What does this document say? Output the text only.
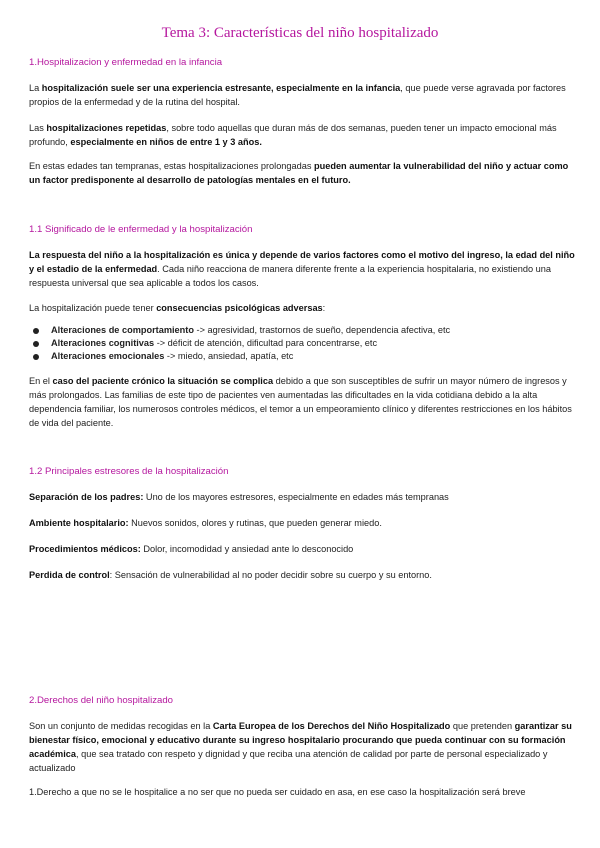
Tema 3: Características del niño hospitalizado
1.Hospitalizacion y enfermedad en la infancia

La hospitalización suele ser una experiencia estresante, especialmente en la infancia, que puede verse agravada por factores propios de la enfermedad y de la rutina del hospital.

Las hospitalizaciones repetidas, sobre todo aquellas que duran más de dos semanas, pueden tener un impacto emocional más profundo, especialmente en niños de entre 1 y 3 años.

En estas edades tan tempranas, estas hospitalizaciones prolongadas pueden aumentar la vulnerabilidad del niño y actuar como un factor predisponente al desarrollo de patologías mentales en el futuro.

1.1 Significado de le enfermedad y la hospitalización

La respuesta del niño a la hospitalización es única y depende de varios factores como el motivo del ingreso, la edad del niño y el estadio de la enfermedad. Cada niño reacciona de manera diferente frente a la experiencia hospitalaria, no existiendo una respuesta universal que sea aplicable a todos los casos.

La hospitalización puede tener consecuencias psicológicas adversas:

Alteraciones de comportamiento -> agresividad, trastornos de sueño, dependencia afectiva, etc
Alteraciones cognitivas -> déficit de atención, dificultad para concentrarse, etc
Alteraciones emocionales -> miedo, ansiedad, apatía, etc

En el caso del paciente crónico la situación se complica debido a que son susceptibles de sufrir un mayor número de ingresos y más prolongados. Las familias de este tipo de pacientes ven aumentadas las dificultades en la vida cotidiana debido a la alta dependencia familiar, los numerosos controles médicos, el temor a un empeoramiento clínico y diferentes restricciones en los hábitos de vida del paciente.

1.2 Principales estresores de la hospitalización

Separación de los padres: Uno de los mayores estresores, especialmente en edades más tempranas

Ambiente hospitalario: Nuevos sonidos, olores y rutinas, que pueden generar miedo.

Procedimientos médicos: Dolor, incomodidad y ansiedad ante lo desconocido

Perdida de control: Sensación de vulnerabilidad al no poder decidir sobre su cuerpo y su entorno.

2.Derechos del niño hospitalizado

Son un conjunto de medidas recogidas en la Carta Europea de los Derechos del Niño Hospitalizado que pretenden garantizar su bienestar físico, emocional y educativo durante su ingreso hospitalario procurando que pueda continuar con su formación académica, que sea tratado con respeto y dignidad y que reciba una atención de calidad por parte de personal especializado y actualizado

1.Derecho a que no se le hospitalice a no ser que no pueda ser cuidado en asa, en ese caso la hospitalización será breve
